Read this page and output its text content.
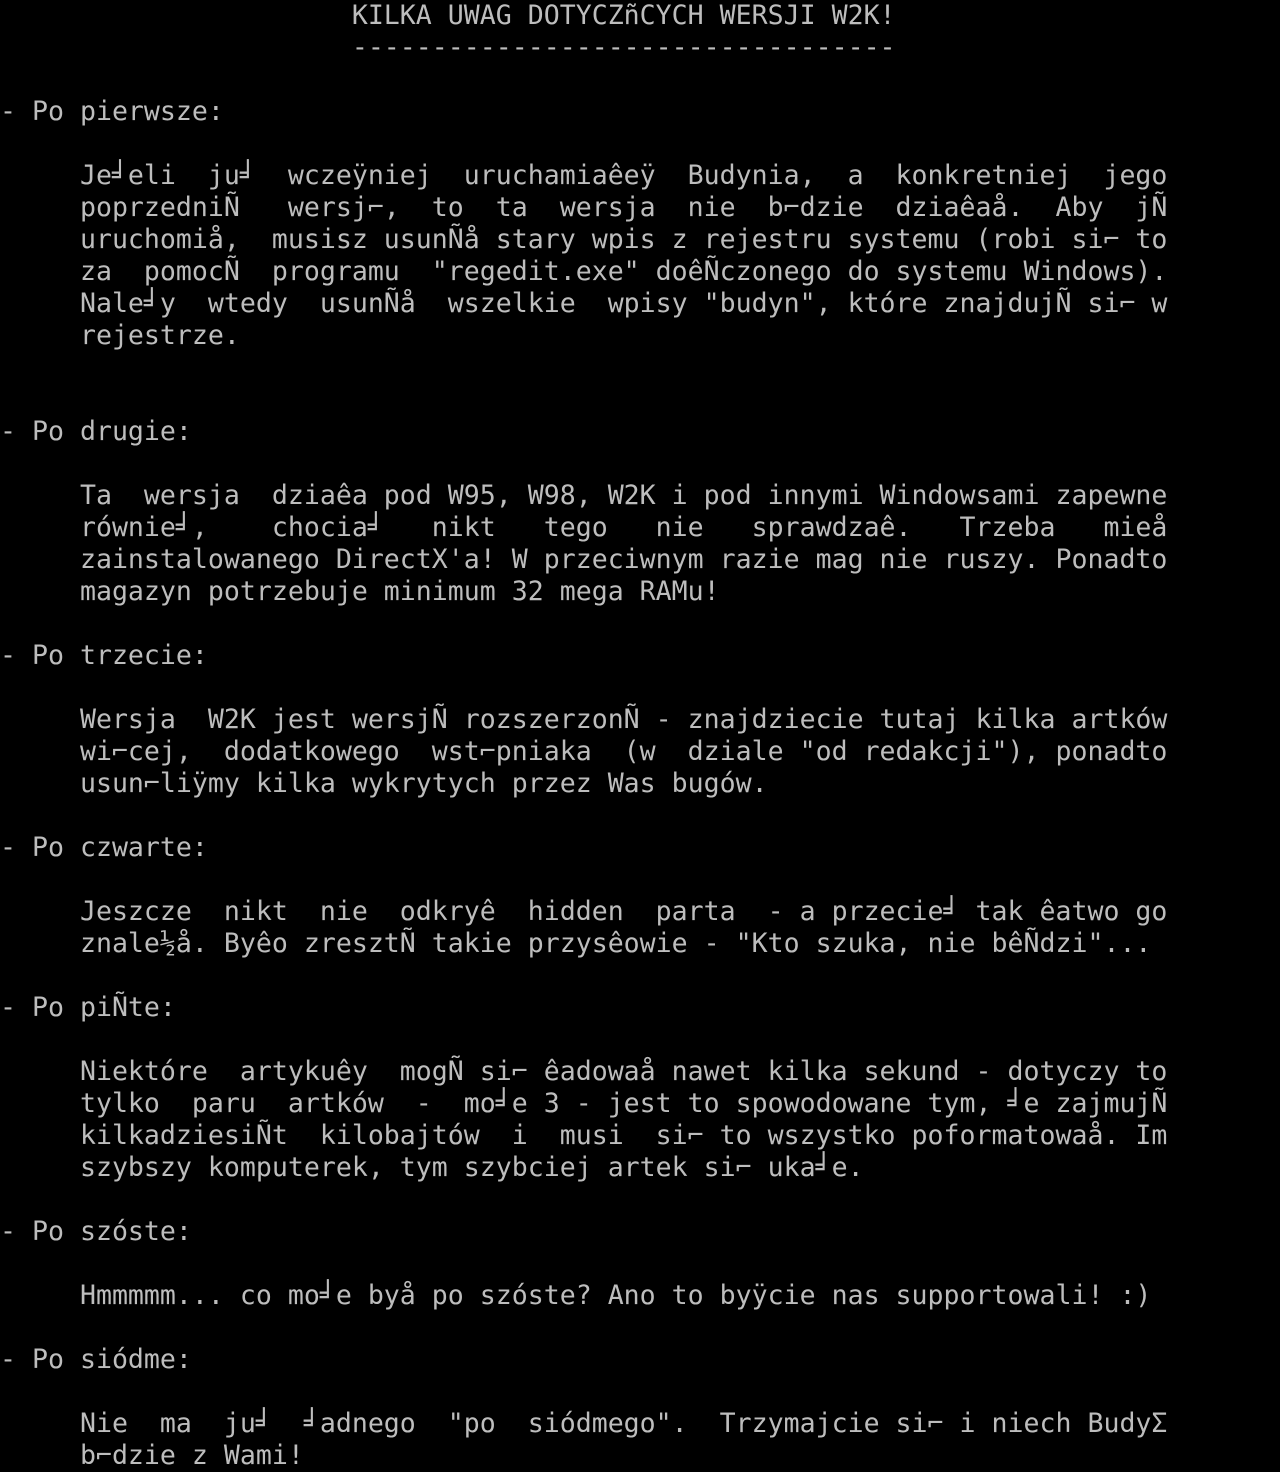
KILKA UWAG DOTYCZñCYCH WERSJI W2K!
----------------------------------
- Po pierwsze:
Je╛eli  ju╛  wczeÿniej  uruchamiaêeÿ  Budynia,  a  konkretniej  jego
poprzedniÑ   wersj⌐,  to  ta  wersja  nie  b⌐dzie  dziaêaå.  Aby  jÑ
uruchomiå,  musisz usunÑå stary wpis z rejestru systemu (robi si⌐ to
za  pomocÑ  programu  "regedit.exe" doêÑczonego do systemu Windows).
Nale╛y  wtedy  usunÑå  wszelkie  wpisy "budyn", które znajdujÑ si⌐ w
rejestrze.
- Po drugie:
Ta  wersja  dziaêa pod W95, W98, W2K i pod innymi Windowsami zapewne
równie╛,    chocia╛   nikt   tego   nie   sprawdzaê.   Trzeba   mieå
zainstalowanego DirectX'a! W przeciwnym razie mag nie ruszy. Ponadto
magazyn potrzebuje minimum 32 mega RAMu!
- Po trzecie:
Wersja  W2K jest wersjÑ rozszerzonÑ - znajdziecie tutaj kilka artków
wi⌐cej,  dodatkowego  wst⌐pniaka  (w  dziale "od redakcji"), ponadto
usun⌐liÿmy kilka wykrytych przez Was bugów.
- Po czwarte:
Jeszcze  nikt  nie  odkryê  hidden  parta  - a przecie╛ tak êatwo go
znale½å. Byêo zresztÑ takie przysêowie - "Kto szuka, nie bêÑdzi"...
- Po piÑte:
Niektóre  artykuêy  mogÑ si⌐ êadowaå nawet kilka sekund - dotyczy to
tylko  paru  artków  -  mo╛e 3 - jest to spowodowane tym, ╛e zajmujÑ
kilkadziesiÑt  kilobajtów  i  musi  si⌐ to wszystko poformatowaå. Im
szybszy komputerek, tym szybciej artek si⌐ uka╛e.
- Po szóste:
Hmmmmm... co mo╛e byå po szóste? Ano to byÿcie nas supportowali! :)
- Po siódme:
Nie  ma  ju╛  ╛adnego  "po  siódmego".  Trzymajcie si⌐ i niech BudyΣ
b⌐dzie z Wami!
